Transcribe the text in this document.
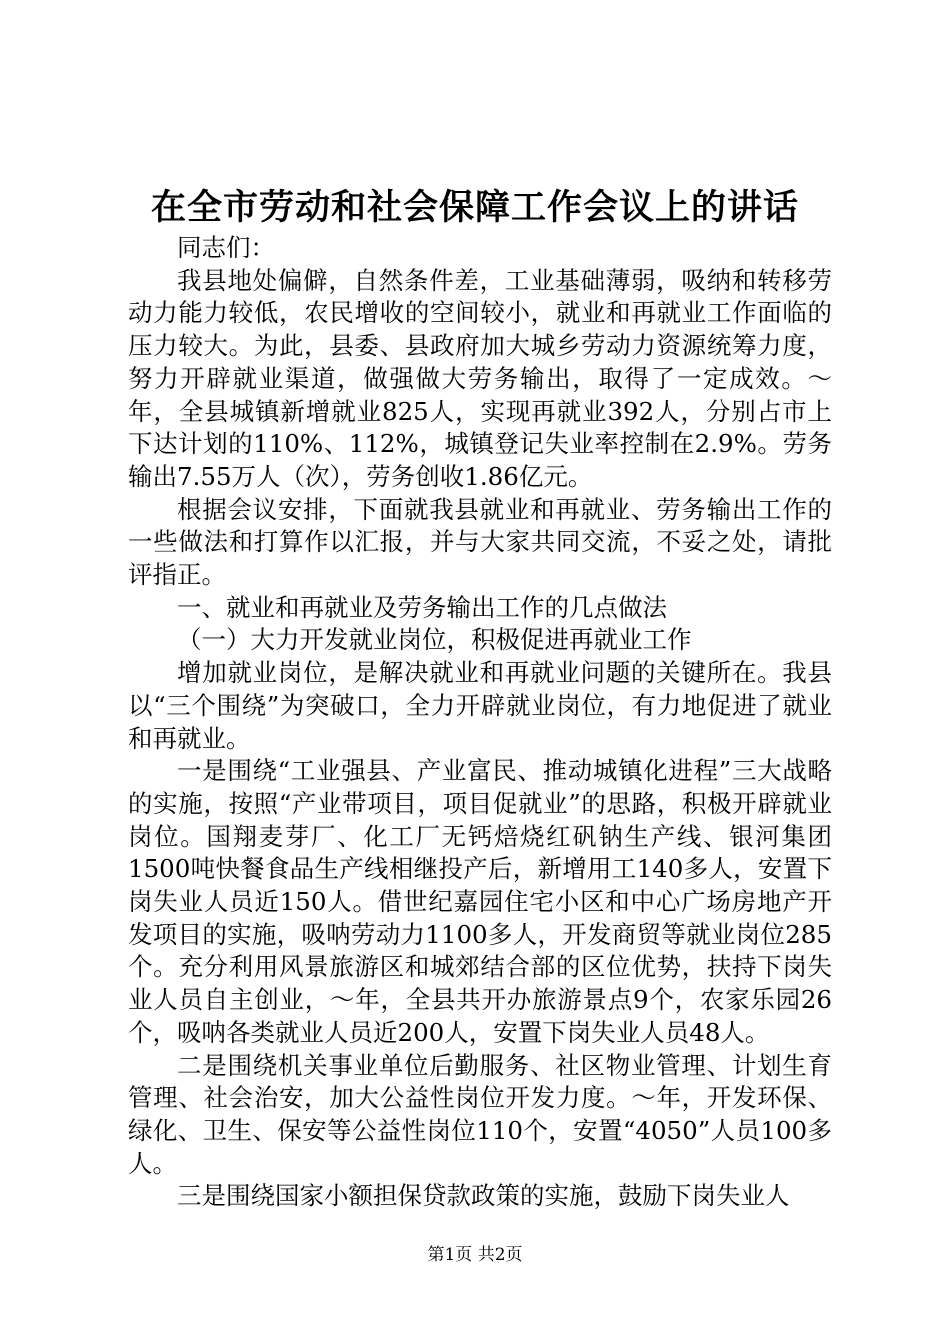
在全市劳动和社会保障工作会议上的讲话

同志们：

我县地处偏僻，自然条件差，工业基础薄弱，吸纳和转移劳动力能力较低，农民增收的空间较小，就业和再就业工作面临的压力较大。为此，县委、县政府加大城乡劳动力资源统筹力度，努力开辟就业渠道，做强做大劳务输出，取得了一定成效。～年，全县城镇新增就业825人，实现再就业392人，分别占市上下达计划的110%、112%，城镇登记失业率控制在2.9%。劳务输出7.55万人（次），劳务创收1.86亿元。

根据会议安排，下面就我县就业和再就业、劳务输出工作的一些做法和打算作以汇报，并与大家共同交流，不妥之处，请批评指正。

一、就业和再就业及劳务输出工作的几点做法

（一）大力开发就业岗位，积极促进再就业工作

增加就业岗位，是解决就业和再就业问题的关键所在。我县以“三个围绕”为突破口，全力开辟就业岗位，有力地促进了就业和再就业。

一是围绕“工业强县、产业富民、推动城镇化进程”三大战略的实施，按照“产业带项目，项目促就业”的思路，积极开辟就业岗位。国翔麦芽厂、化工厂无钙焙烧红矾钠生产线、银河集团1500吨快餐食品生产线相继投产后，新增用工140多人，安置下岗失业人员近150人。借世纪嘉园住宅小区和中心广场房地产开发项目的实施，吸呐劳动力1100多人，开发商贸等就业岗位285个。充分利用风景旅游区和城郊结合部的区位优势，扶持下岗失业人员自主创业，～年，全县共开办旅游景点9个，农家乐园26个，吸呐各类就业人员近200人，安置下岗失业人员48人。

二是围绕机关事业单位后勤服务、社区物业管理、计划生育管理、社会治安，加大公益性岗位开发力度。～年，开发环保、绿化、卫生、保安等公益性岗位110个，安置“4050”人员100多人。

三是围绕国家小额担保贷款政策的实施，鼓励下岗失业人

第1页 共2页
